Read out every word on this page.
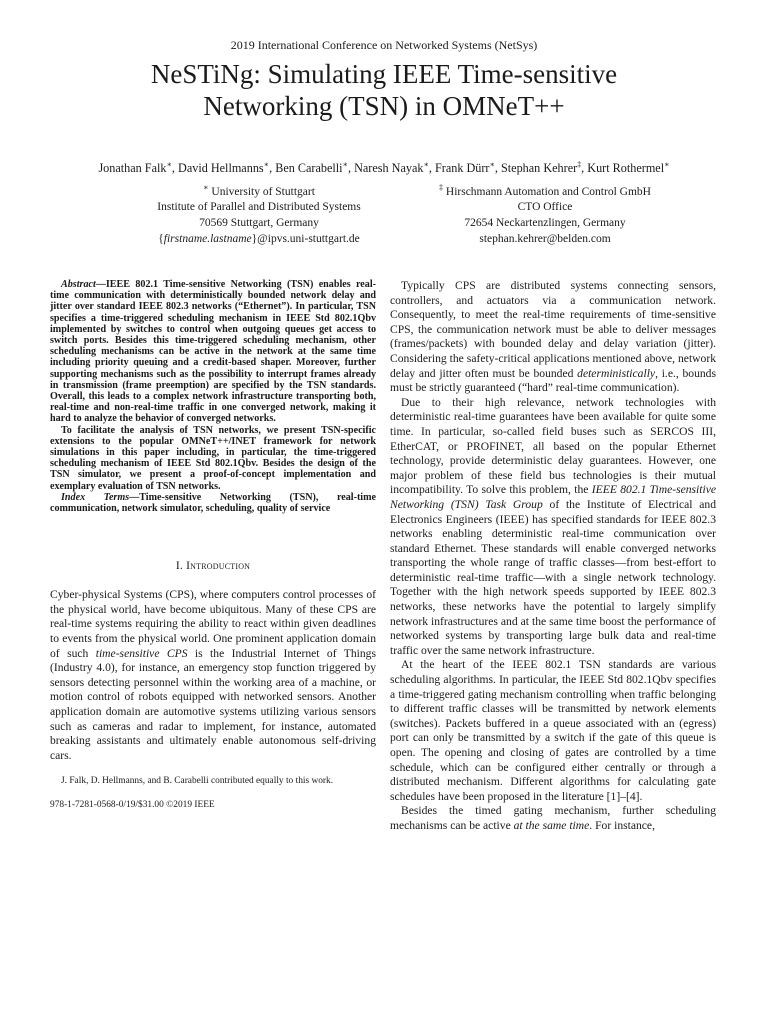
2019 International Conference on Networked Systems (NetSys)
NeSTiNg: Simulating IEEE Time-sensitive
Networking (TSN) in OMNeT++
Jonathan Falk∗, David Hellmanns∗, Ben Carabelli∗, Naresh Nayak∗, Frank Dürr∗, Stephan Kehrer‡, Kurt Rothermel∗
∗ University of Stuttgart
Institute of Parallel and Distributed Systems
70569 Stuttgart, Germany
{firstname.lastname}@ipvs.uni-stuttgart.de
‡ Hirschmann Automation and Control GmbH
CTO Office
72654 Neckartenzlingen, Germany
stephan.kehrer@belden.com

Abstract—IEEE 802.1 Time-sensitive Networking (TSN) enables real-time communication with deterministically bounded network delay and jitter over standard IEEE 802.3 networks (“Ethernet”). In particular, TSN specifies a time-triggered scheduling mechanism in IEEE Std 802.1Qbv implemented by switches to control when outgoing queues get access to switch ports. Besides this time-triggered scheduling mechanism, other scheduling mechanisms can be active in the network at the same time including priority queuing and a credit-based shaper. Moreover, further supporting mechanisms such as the possibility to interrupt frames already in transmission (frame preemption) are specified by the TSN standards. Overall, this leads to a complex network infrastructure transporting both, real-time and non-real-time traffic in one converged network, making it hard to analyze the behavior of converged networks.

To facilitate the analysis of TSN networks, we present TSN-specific extensions to the popular OMNeT++/INET framework for network simulations in this paper including, in particular, the time-triggered scheduling mechanism of IEEE Std 802.1Qbv. Besides the design of the TSN simulator, we present a proof-of-concept implementation and exemplary evaluation of TSN networks.

Index Terms—Time-sensitive Networking (TSN), real-time communication, network simulator, scheduling, quality of service

I. Introduction

Cyber-physical Systems (CPS), where computers control processes of the physical world, have become ubiquitous. Many of these CPS are real-time systems requiring the ability to react within given deadlines to events from the physical world. One prominent application domain of such time-sensitive CPS is the Industrial Internet of Things (Industry 4.0), for instance, an emergency stop function triggered by sensors detecting personnel within the working area of a machine, or motion control of robots equipped with networked sensors. Another application domain are automotive systems utilizing various sensors such as cameras and radar to implement, for instance, automated breaking assistants and ultimately enable autonomous self-driving cars.

J. Falk, D. Hellmanns, and B. Carabelli contributed equally to this work.
978-1-7281-0568-0/19/$31.00 ©2019 IEEE

Typically CPS are distributed systems connecting sensors, controllers, and actuators via a communication network. Consequently, to meet the real-time requirements of time-sensitive CPS, the communication network must be able to deliver messages (frames/packets) with bounded delay and delay variation (jitter). Considering the safety-critical applications mentioned above, network delay and jitter often must be bounded deterministically, i.e., bounds must be strictly guaranteed (“hard” real-time communication).

Due to their high relevance, network technologies with deterministic real-time guarantees have been available for quite some time. In particular, so-called field buses such as SERCOS III, EtherCAT, or PROFINET, all based on the popular Ethernet technology, provide deterministic delay guarantees. However, one major problem of these field bus technologies is their mutual incompatibility. To solve this problem, the IEEE 802.1 Time-sensitive Networking (TSN) Task Group of the Institute of Electrical and Electronics Engineers (IEEE) has specified standards for IEEE 802.3 networks enabling deterministic real-time communication over standard Ethernet. These standards will enable converged networks transporting the whole range of traffic classes—from best-effort to deterministic real-time traffic—with a single network technology. Together with the high network speeds supported by IEEE 802.3 networks, these networks have the potential to largely simplify network infrastructures and at the same time boost the performance of networked systems by transporting large bulk data and real-time traffic over the same network infrastructure.

At the heart of the IEEE 802.1 TSN standards are various scheduling algorithms. In particular, the IEEE Std 802.1Qbv specifies a time-triggered gating mechanism controlling when traffic belonging to different traffic classes will be transmitted by network elements (switches). Packets buffered in a queue associated with an (egress) port can only be transmitted by a switch if the gate of this queue is open. The opening and closing of gates are controlled by a time schedule, which can be configured either centrally or through a distributed mechanism. Different algorithms for calculating gate schedules have been proposed in the literature [1]–[4].

Besides the timed gating mechanism, further scheduling mechanisms can be active at the same time. For instance,
